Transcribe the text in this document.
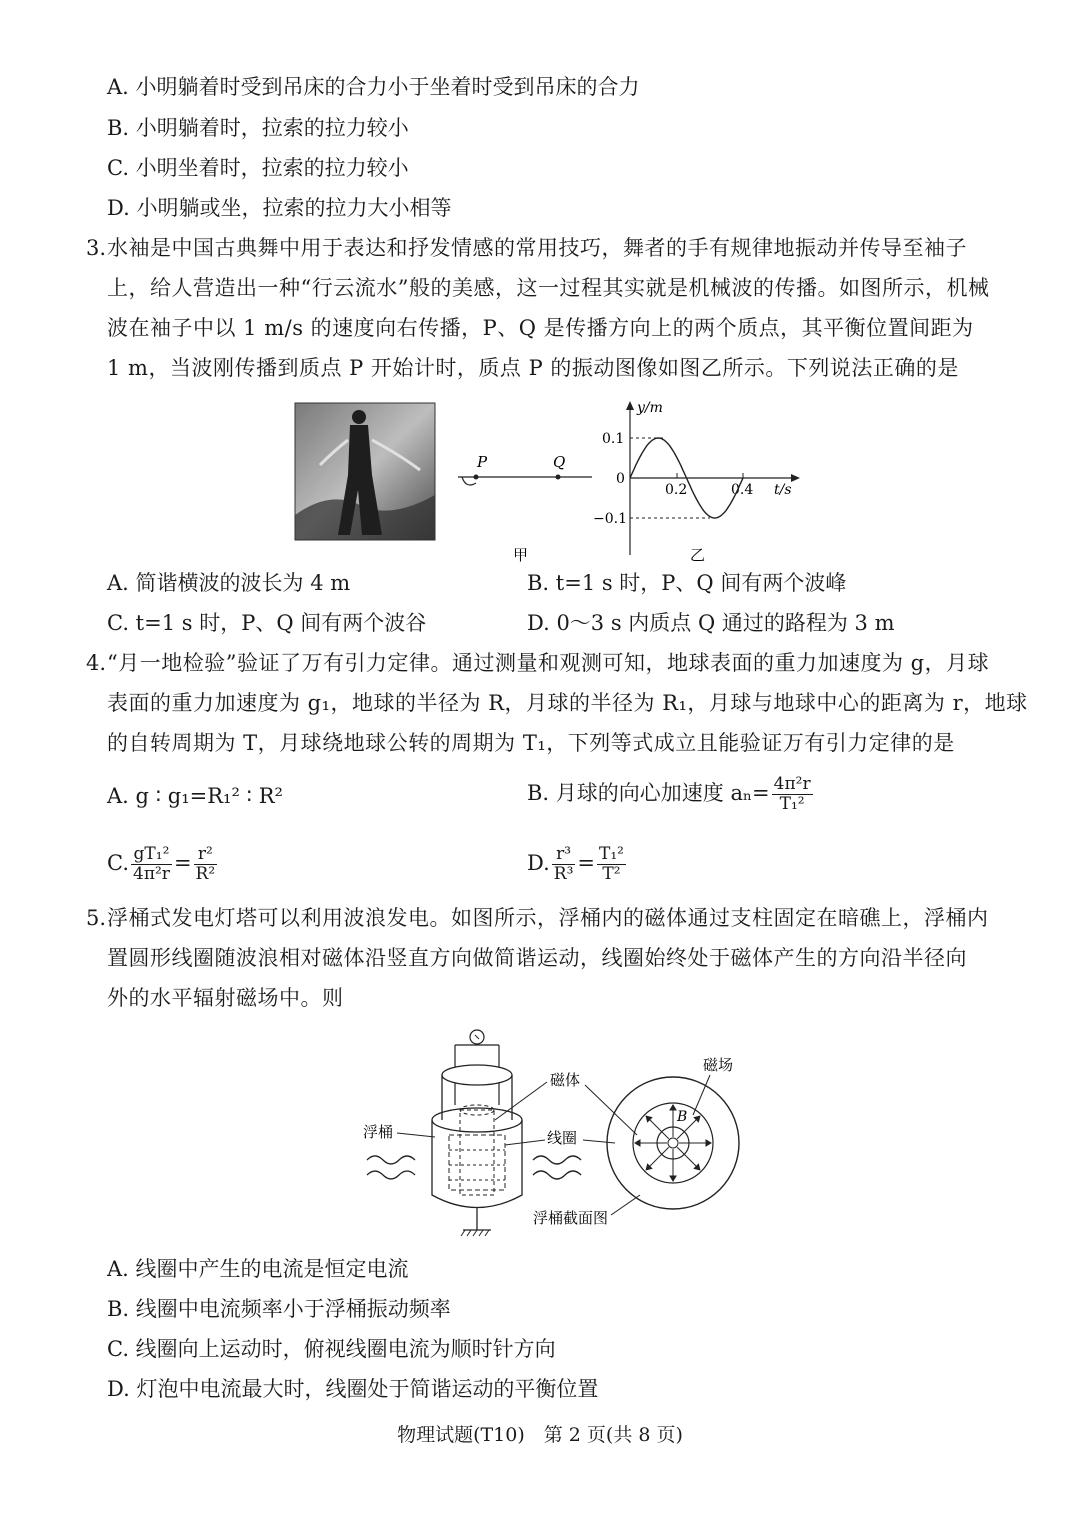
A. 小明躺着时受到吊床的合力小于坐着时受到吊床的合力
B. 小明躺着时，拉索的拉力较小
C. 小明坐着时，拉索的拉力较小
D. 小明躺或坐，拉索的拉力大小相等
3. 水袖是中国古典舞中用于表达和抒发情感的常用技巧，舞者的手有规律地振动并传导至袖子
上，给人营造出一种“行云流水”般的美感，这一过程其实就是机械波的传播。如图所示，机械
波在袖子中以 1 m/s 的速度向右传播，P、Q 是传播方向上的两个质点，其平衡位置间距为
1 m，当波刚传播到质点 P 开始计时，质点 P 的振动图像如图乙所示。下列说法正确的是
P	Q
y/m
t/s
0
0.1
−0.1
0.2	0.4
甲	乙
A. 简谐横波的波长为 4 m	B. t=1 s 时，P、Q 间有两个波峰
C. t=1 s 时，P、Q 间有两个波谷	D. 0～3 s 内质点 Q 通过的路程为 3 m
4. “月一地检验”验证了万有引力定律。通过测量和观测可知，地球表面的重力加速度为 g，月球
表面的重力加速度为 g₁，地球的半径为 R，月球的半径为 R₁，月球与地球中心的距离为 r，地球
的自转周期为 T，月球绕地球公转的周期为 T₁，下列等式成立且能验证万有引力定律的是
A. g ∶ g₁=R₁² ∶ R²	B. 月球的向心加速度 $a_n= \frac{\text{4π²r}}{\text{T₁²}}$
C. $\frac{\text{gT₁²}}{\text{4π²r}} = \frac{\text{r²}}{\text{R²}}$	D. $\frac{\text{r³}}{\text{R³}} = \frac{\text{T₁²}}{\text{T²}}$
5. 浮桶式发电灯塔可以利用波浪发电。如图所示，浮桶内的磁体通过支柱固定在暗礁上，浮桶内
置圆形线圈随波浪相对磁体沿竖直方向做简谐运动，线圈始终处于磁体产生的方向沿半径向
外的水平辐射磁场中。则
浮桶
磁体
线圈
B
磁场
浮桶截面图
A. 线圈中产生的电流是恒定电流
B. 线圈中电流频率小于浮桶振动频率
C. 线圈向上运动时，俯视线圈电流为顺时针方向
D. 灯泡中电流最大时，线圈处于简谐运动的平衡位置
物理试题(T10)　第 2 页(共 8 页)
